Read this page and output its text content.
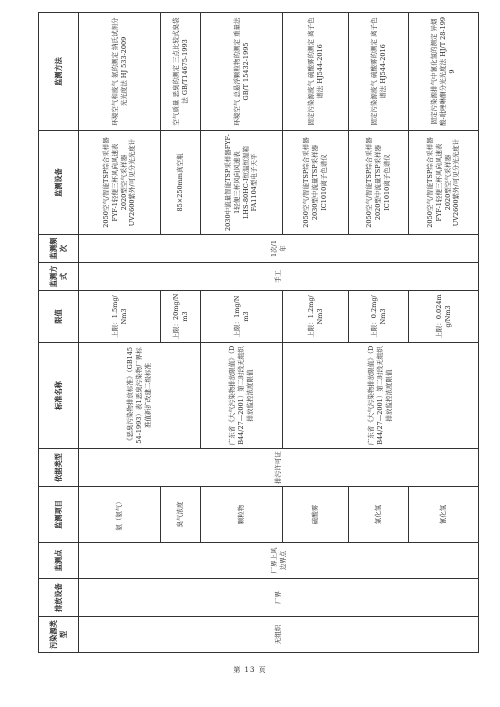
污染源类型	排放设备	监测点	监测项目	依据类型	标准名称	限值	监测方式	监测频次	监测设备	监测方法
无组织	厂界	厂界上风边界点	氨（氨气）	排污许可证	《恶臭污染物排放标准》（GB14554-1993）表1恶臭污染物厂界标准值新扩改建二级标准	上限：1.5mg/Nm3	手工	1次/1年	2050空气/智能TSP综合采样器
FYF-1轻便三杯风向风速表
2020型空气采样器
UV2600紫外/可见分光光度计	环境空气和废气 氨的测定 纳氏试剂分光光度法 HJ 533-2009
			臭气浓度			上限：20mg/Nm3			85×250mm真空瓶	空气质量 恶臭的测定 三点比较式臭袋法 GB/T14675-1993
			颗粒物		广东省《大气污染物排放限值》（DB44/27—2001）第二时段无组织排放监控浓度限值	上限：1mg/Nm3			2030中流量智能TSP采样器FYF-1轻便三杯风向风速表
LHS-80HC-I恒温恒湿箱
FA1104型电子天平	环境空气 总悬浮颗粒物的测定 重量法 GB/T 15432-1995
			硫酸雾		广东省《大气污染物排放限值》（DB44/27—2001）第二时段无组织排放监控浓度限值	上限：1.2mg/Nm3			2050空气/智能TSP综合采样器
2030型中流量TSP采样器
IC1010离子色谱仪	固定污染源废气 硫酸雾的测定 离子色谱法 HJ544-2016
			氯化氢			上限：0.2mg/Nm3			2050空气/智能TSP综合采样器
2020型中流量TSP采样器
IC1010离子色谱仪	固定污染源废气 硫酸雾的测定 离子色谱法 HJ544-2016
			氰化氢			上限：0.024mg/Nm3			2050空气/智能TSP综合采样器
FYF-1轻便三杯风向风速表
2020型空气采样器
UV2600紫外/可见分光光度计	固定污染源排气中氰化氢的测定 异烟酸-吡唑啉酮分光光度法 HJ/T 28-1999
第 13 页
